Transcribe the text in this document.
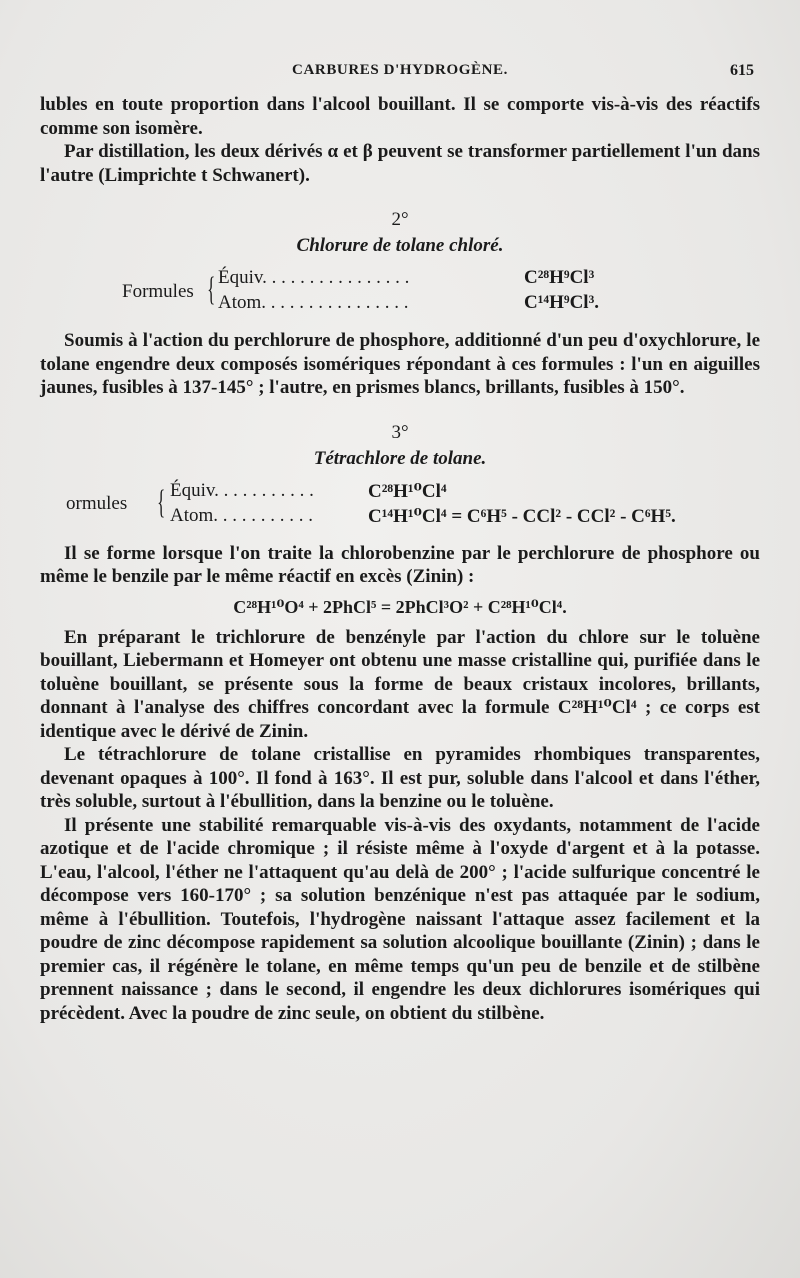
CARBURES D'HYDROGÈNE.	615

lubles en toute proportion dans l'alcool bouillant. Il se comporte vis-à-vis des réactifs comme son isomère.

Par distillation, les deux dérivés α et β peuvent se transformer partiellement l'un dans l'autre (Limprichte t Schwanert).

2°
Chlorure de tolane chloré.
Formules { Équiv. . . . . . . . . . . . . . . .	C²⁸H⁹Cl³
Atom. . . . . . . . . . . . . . . .	C¹⁴H⁹Cl³.

Soumis à l'action du perchlorure de phosphore, additionné d'un peu d'oxychlorure, le tolane engendre deux composés isomériques répondant à ces formules : l'un en aiguilles jaunes, fusibles à 137-145° ; l'autre, en prismes blancs, brillants, fusibles à 150°.

3°
Tétrachlore de tolane.
ormules { Équiv. . . . . . . . . . .	C²⁸H¹⁰Cl⁴
Atom. . . . . . . . . . .	C¹⁴H¹⁰Cl⁴ = C⁶H⁵ - CCl² - CCl² - C⁶H⁵.

Il se forme lorsque l'on traite la chlorobenzine par le perchlorure de phosphore ou même le benzile par le même réactif en excès (Zinin) :

C²⁸H¹⁰O⁴ + 2PhCl⁵ = 2PhCl³O² + C²⁸H¹⁰Cl⁴.

En préparant le trichlorure de benzényle par l'action du chlore sur le toluène bouillant, Liebermann et Homeyer ont obtenu une masse cristalline qui, purifiée dans le toluène bouillant, se présente sous la forme de beaux cristaux incolores, brillants, donnant à l'analyse des chiffres concordant avec la formule C²⁸H¹⁰Cl⁴ ; ce corps est identique avec le dérivé de Zinin.

Le tétrachlorure de tolane cristallise en pyramides rhombiques transparentes, devenant opaques à 100°. Il fond à 163°. Il est pur, soluble dans l'alcool et dans l'éther, très soluble, surtout à l'ébullition, dans la benzine ou le toluène.

Il présente une stabilité remarquable vis-à-vis des oxydants, notamment de l'acide azotique et de l'acide chromique ; il résiste même à l'oxyde d'argent et à la potasse. L'eau, l'alcool, l'éther ne l'attaquent qu'au delà de 200° ; l'acide sulfurique concentré le décompose vers 160-170° ; sa solution benzénique n'est pas attaquée par le sodium, même à l'ébullition. Toutefois, l'hydrogène naissant l'attaque assez facilement et la poudre de zinc décompose rapidement sa solution alcoolique bouillante (Zinin) ; dans le premier cas, il régénère le tolane, en même temps qu'un peu de benzile et de stilbène prennent naissance ; dans le second, il engendre les deux dichlorures isomériques qui précèdent. Avec la poudre de zinc seule, on obtient du stilbène.
